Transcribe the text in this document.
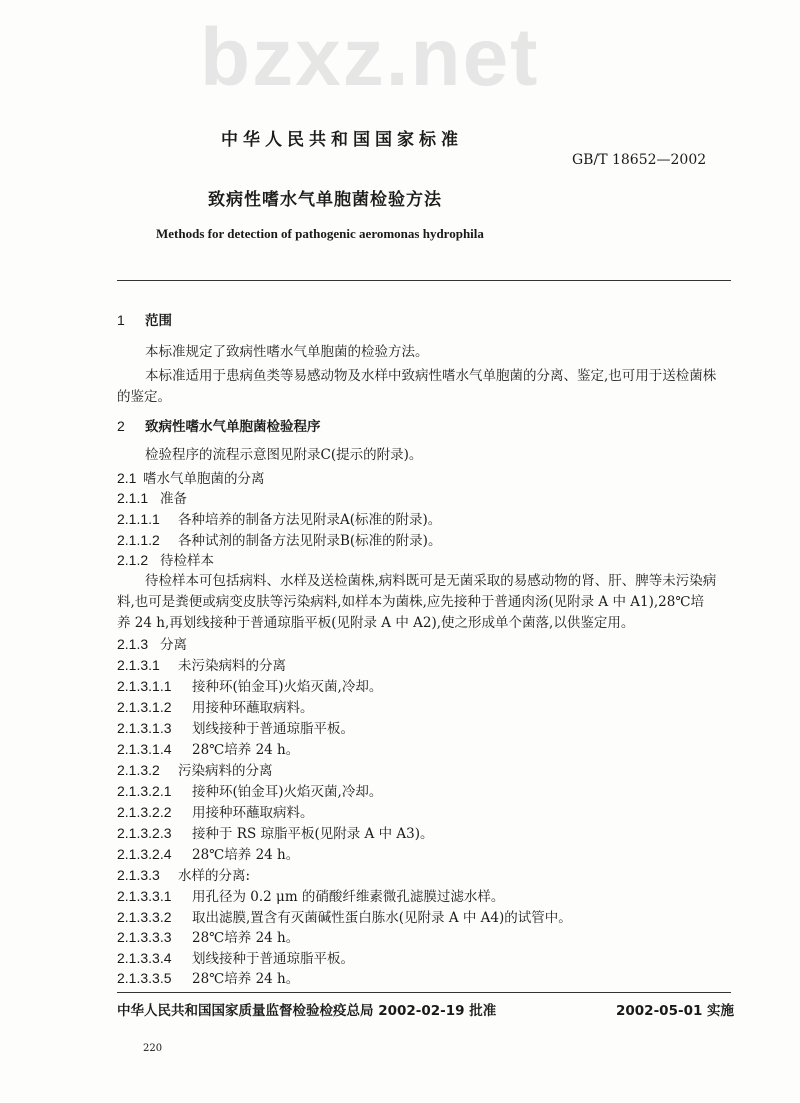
bzxz.net
中华人民共和国国家标准
GB/T 18652—2002
致病性嗜水气单胞菌检验方法
Methods for detection of pathogenic aeromonas hydrophila
1 范围
本标准规定了致病性嗜水气单胞菌的检验方法。
本标准适用于患病鱼类等易感动物及水样中致病性嗜水气单胞菌的分离、鉴定,也可用于送检菌株
的鉴定。
2 致病性嗜水气单胞菌检验程序
检验程序的流程示意图见附录C(提示的附录)。
2.1 嗜水气单胞菌的分离
2.1.1 准备
2.1.1.1 各种培养的制备方法见附录A(标准的附录)。
2.1.1.2 各种试剂的制备方法见附录B(标准的附录)。
2.1.2 待检样本
2.1.3 分离
2.1.3.1 未污染病料的分离
2.1.3.1.1 接种环(铂金耳)火焰灭菌,冷却。
2.1.3.1.2 用接种环蘸取病料。
2.1.3.1.3 划线接种于普通琼脂平板。
2.1.3.1.4 28℃培养 24 h。
2.1.3.2 污染病料的分离
2.1.3.2.1 接种环(铂金耳)火焰灭菌,冷却。
2.1.3.2.2 用接种环蘸取病料。
2.1.3.2.3 接种于 RS 琼脂平板(见附录 A 中 A3)。
2.1.3.2.4 28℃培养 24 h。
2.1.3.3 水样的分离:
2.1.3.3.1 用孔径为 0.2 μm 的硝酸纤维素微孔滤膜过滤水样。
2.1.3.3.2 取出滤膜,置含有灭菌碱性蛋白胨水(见附录 A 中 A4)的试管中。
2.1.3.3.3 28℃培养 24 h。
2.1.3.3.4 划线接种于普通琼脂平板。
2.1.3.3.5 28℃培养 24 h。
待检样本可包括病料、水样及送检菌株,病料既可是无菌采取的易感动物的肾、肝、脾等未污染病
料,也可是粪便或病变皮肤等污染病料,如样本为菌株,应先接种于普通肉汤(见附录 A 中 A1),28℃培
养 24 h,再划线接种于普通琼脂平板(见附录 A 中 A2),使之形成单个菌落,以供鉴定用。
中华人民共和国国家质量监督检验检疫总局 2002-02-19 批准	2002-05-01 实施
220
